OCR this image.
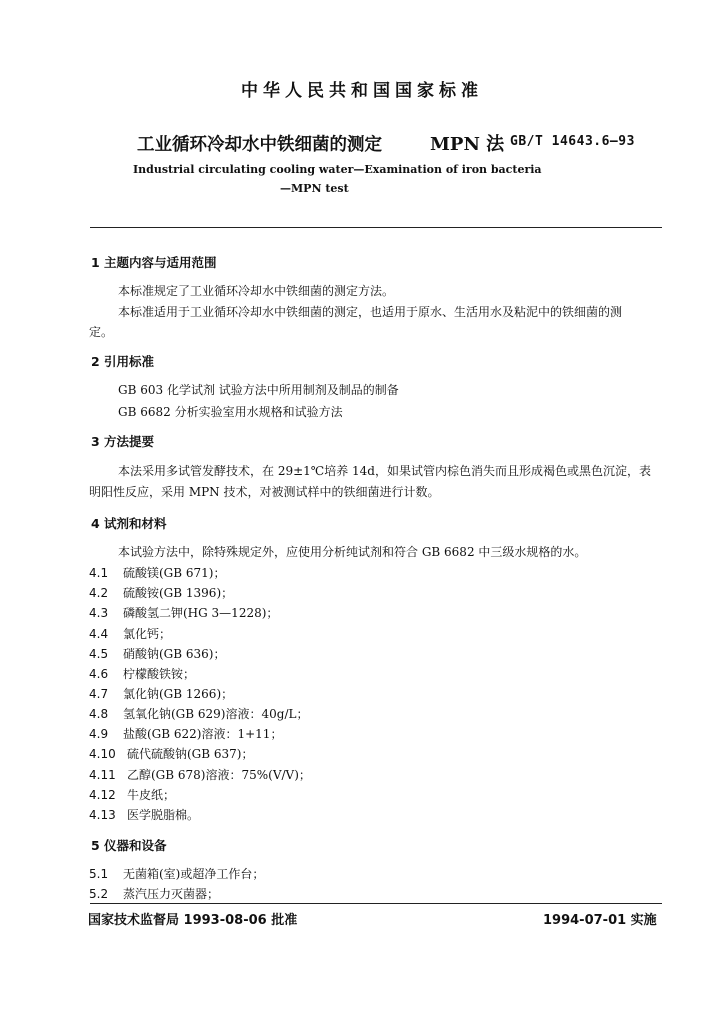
中华人民共和国国家标准
工业循环冷却水中铁细菌的测定	MPN 法 GB/T 14643.6—93
Industrial circulating cooling water—Examination of iron bacteria
—MPN test
1 主题内容与适用范围
本标准规定了工业循环冷却水中铁细菌的测定方法。
本标准适用于工业循环冷却水中铁细菌的测定，也适用于原水、生活用水及粘泥中的铁细菌的测
定。
2 引用标准
GB 603 化学试剂 试验方法中所用制剂及制品的制备
GB 6682 分析实验室用水规格和试验方法
3 方法提要
本法采用多试管发酵技术，在 29±1℃培养 14d，如果试管内棕色消失而且形成褐色或黑色沉淀，表
明阳性反应，采用 MPN 技术，对被测试样中的铁细菌进行计数。
4 试剂和材料
本试验方法中，除特殊规定外，应使用分析纯试剂和符合 GB 6682 中三级水规格的水。
4.1 硫酸镁(GB 671)；
4.2 硫酸铵(GB 1396)；
4.3 磷酸氢二钾(HG 3—1228)；
4.4 氯化钙；
4.5 硝酸钠(GB 636)；
4.6 柠檬酸铁铵；
4.7 氯化钠(GB 1266)；
4.8 氢氧化钠(GB 629)溶液：40g/L；
4.9 盐酸(GB 622)溶液：1+11；
4.10 硫代硫酸钠(GB 637)；
4.11 乙醇(GB 678)溶液：75%(V/V)；
4.12 牛皮纸；
4.13 医学脱脂棉。
5 仪器和设备
5.1 无菌箱(室)或超净工作台；
5.2 蒸汽压力灭菌器；
国家技术监督局 1993-08-06 批准	1994-07-01 实施
